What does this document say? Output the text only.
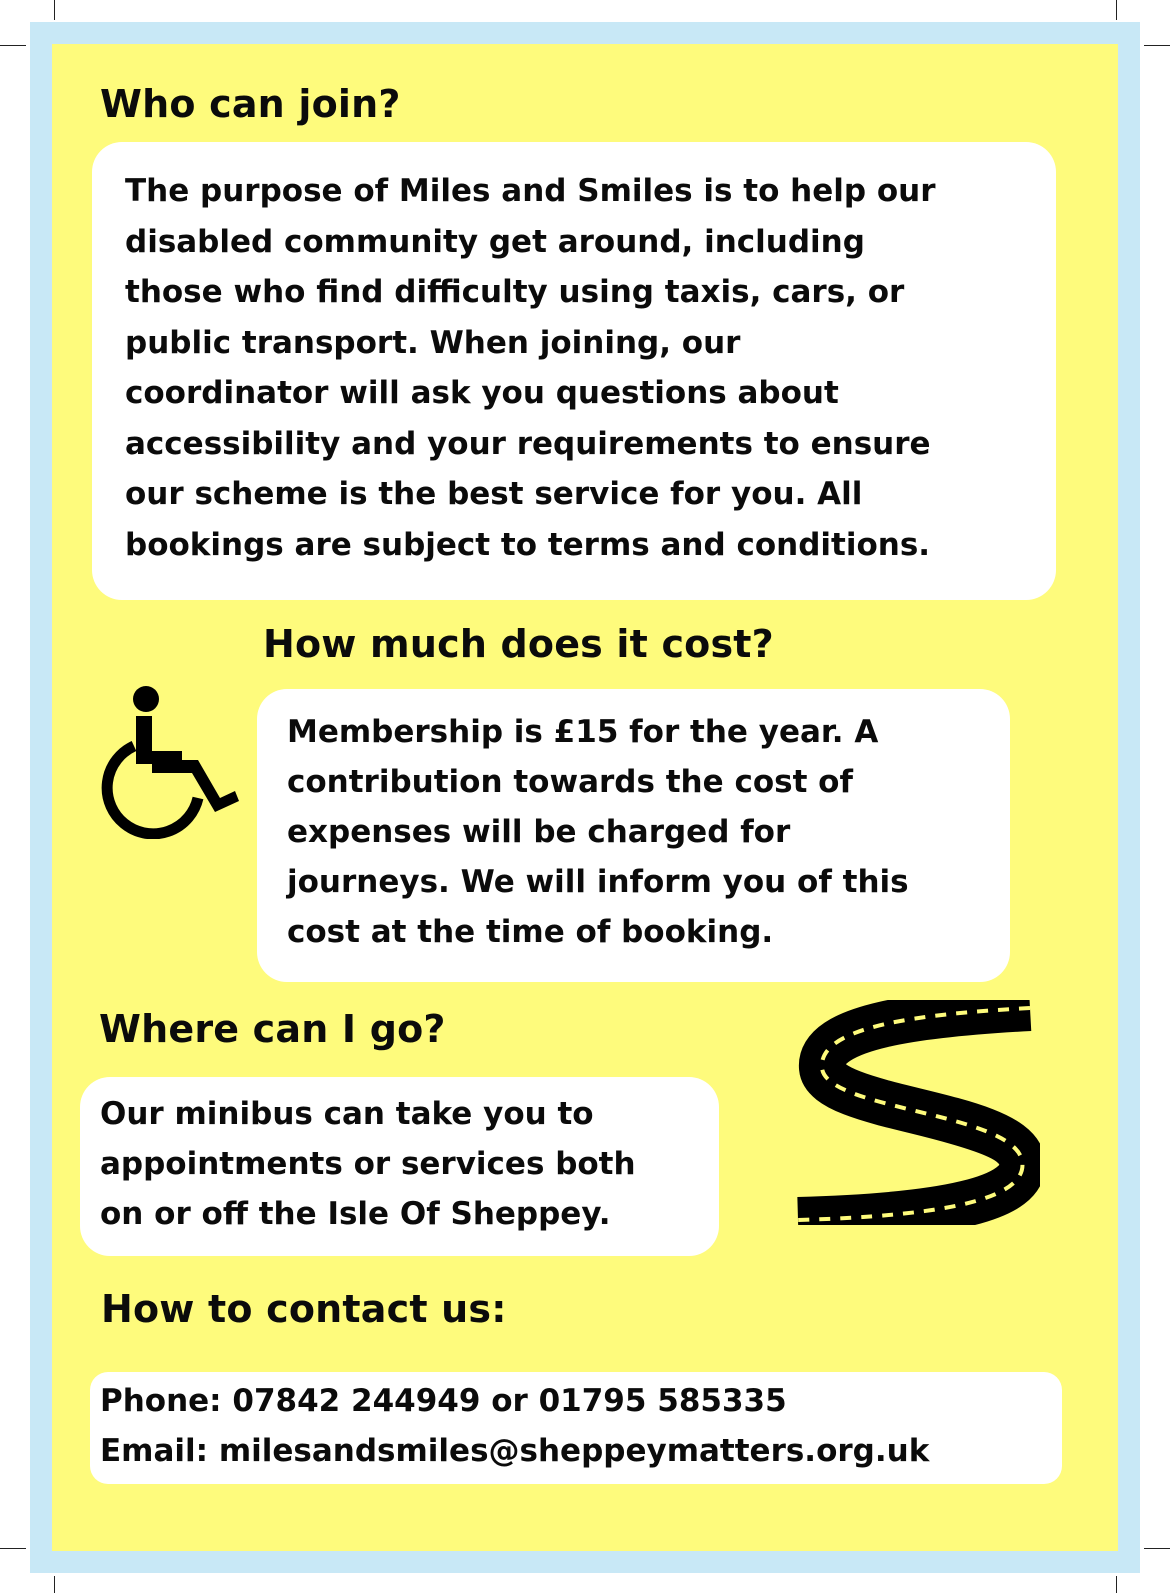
Who can join?

The purpose of Miles and Smiles is to help our

disabled community get around, including

those who find difficulty using taxis, cars, or

public transport. When joining, our

coordinator will ask you questions about

accessibility and your requirements to ensure

our scheme is the best service for you. All

bookings are subject to terms and conditions.

How much does it cost?

Membership is £15 for the year. A

contribution towards the cost of

expenses will be charged for

journeys. We will inform you of this

cost at the time of booking.

Where can I go?

Our minibus can take you to

appointments or services both

on or off the Isle Of Sheppey.

How to contact us:

Phone: 07842 244949 or 01795 585335

Email: milesandsmiles@sheppeymatters.org.uk
